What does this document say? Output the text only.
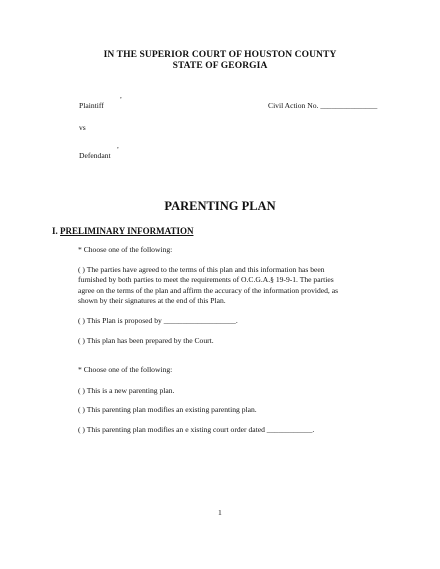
IN THE SUPERIOR COURT OF HOUSTON COUNTY
STATE OF GEORGIA
,
Plaintiff	Civil Action No. _______________
vs
,
Defendant
PARENTING PLAN
I. PRELIMINARY INFORMATION
* Choose one of the following:
( ) The parties have agreed to the terms of this plan and this information has been
furnished by both parties to meet the requirements of O.C.G.A.§ 19-9-1. The parties
agree on the terms of the plan and affirm the accuracy of the information provided, as
shown by their signatures at the end of this Plan.
( ) This Plan is proposed by ___________________.
( ) This plan has been prepared by the Court.
* Choose one of the following:
( ) This is a new parenting plan.
( ) This parenting plan modifies an existing parenting plan.
( ) This parenting plan modifies an e xisting court order dated ____________.
1
